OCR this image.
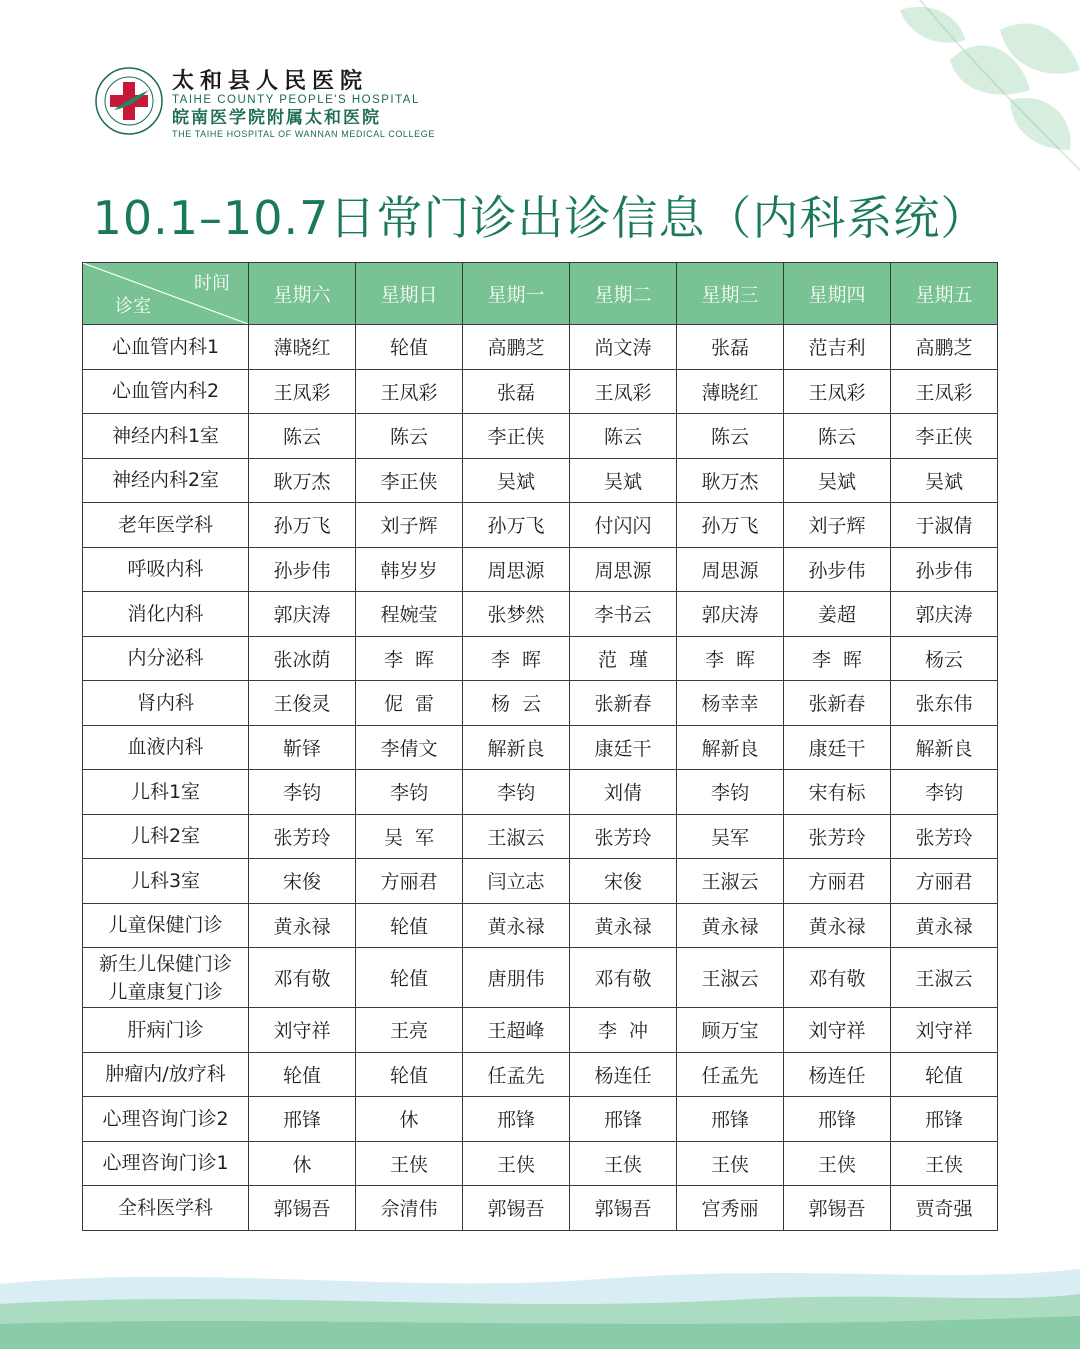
太和县人民医院
TAIHE COUNTY PEOPLE'S HOSPITAL
皖南医学院附属太和医院
THE TAIHE HOSPITAL OF WANNAN MEDICAL COLLEGE
10.1–10.7日常门诊出诊信息（内科系统）
时间
诊室	星期六	星期日	星期一	星期二	星期三	星期四	星期五

心血管内科1	薄晓红	轮值	高鹏芝	尚文涛	张磊	范吉利	高鹏芝

心血管内科2	王凤彩	王凤彩	张磊	王凤彩	薄晓红	王凤彩	王凤彩

神经内科1室	陈云	陈云	李正侠	陈云	陈云	陈云	李正侠

神经内科2室	耿万杰	李正侠	吴斌	吴斌	耿万杰	吴斌	吴斌

老年医学科	孙万飞	刘子辉	孙万飞	付闪闪	孙万飞	刘子辉	于淑倩

呼吸内科	孙步伟	韩岁岁	周思源	周思源	周思源	孙步伟	孙步伟

消化内科	郭庆涛	程婉莹	张梦然	李书云	郭庆涛	姜超	郭庆涛

内分泌科	张冰荫	李  晖	李  晖	范  瑾	李  晖	李  晖	杨云

肾内科	王俊灵	伲  雷	杨  云	张新春	杨幸幸	张新春	张东伟

血液内科	靳铎	李倩文	解新良	康廷干	解新良	康廷干	解新良

儿科1室	李钧	李钧	李钧	刘倩	李钧	宋有标	李钧

儿科2室	张芳玲	吴  军	王淑云	张芳玲	吴军	张芳玲	张芳玲

儿科3室	宋俊	方丽君	闫立志	宋俊	王淑云	方丽君	方丽君

儿童保健门诊	黄永禄	轮值	黄永禄	黄永禄	黄永禄	黄永禄	黄永禄

新生儿保健门诊
儿童康复门诊	邓有敬	轮值	唐朋伟	邓有敬	王淑云	邓有敬	王淑云

肝病门诊	刘守祥	王亮	王超峰	李  冲	顾万宝	刘守祥	刘守祥

肿瘤内/放疗科	轮值	轮值	任孟先	杨连任	任孟先	杨连任	轮值

心理咨询门诊2	邢锋	休	邢锋	邢锋	邢锋	邢锋	邢锋

心理咨询门诊1	休	王侠	王侠	王侠	王侠	王侠	王侠

全科医学科	郭锡吾	佘清伟	郭锡吾	郭锡吾	宫秀丽	郭锡吾	贾奇强
